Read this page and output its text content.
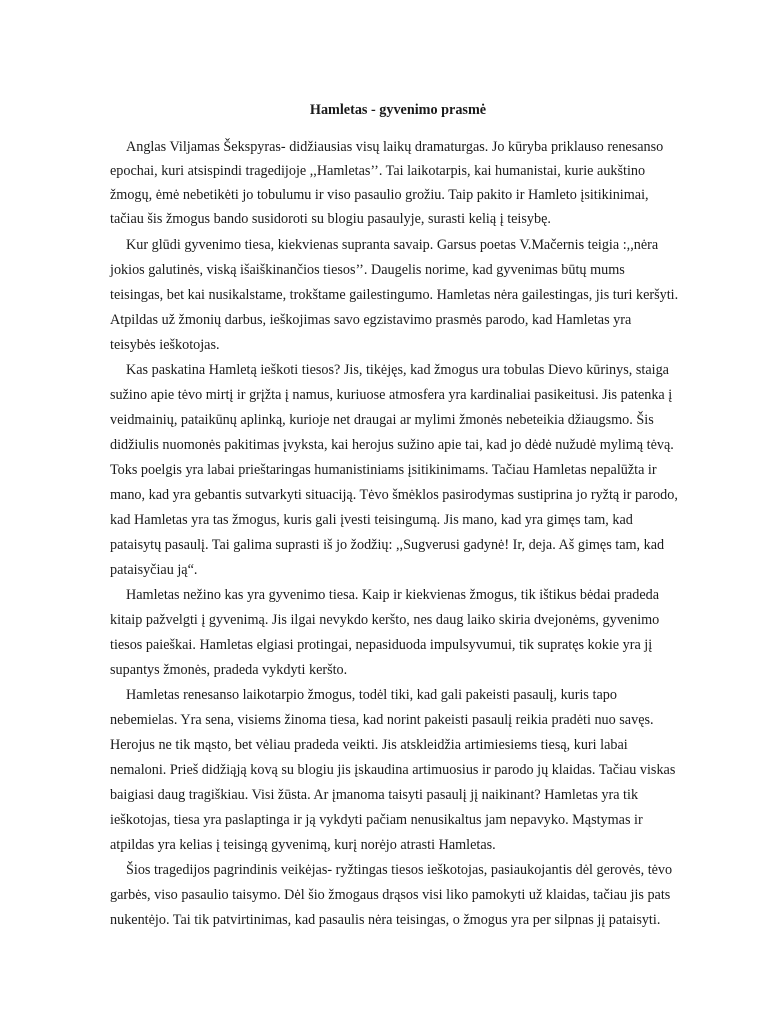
Hamletas - gyvenimo prasmė

Anglas Viljamas Šekspyras- didžiausias visų laikų dramaturgas. Jo kūryba priklauso renesanso

epochai, kuri atsispindi tragedijoje ,,Hamletas’’. Tai laikotarpis, kai humanistai, kurie aukštino

žmogų, ėmė nebetikėti jo tobulumu ir viso pasaulio grožiu. Taip pakito ir Hamleto įsitikinimai,

tačiau šis žmogus bando susidoroti su blogiu pasaulyje, surasti kelią į teisybę.

Kur glūdi gyvenimo tiesa, kiekvienas supranta savaip. Garsus poetas V.Mačernis teigia :,,nėra

jokios galutinės, viską išaiškinančios tiesos’’. Daugelis norime, kad gyvenimas būtų mums

teisingas, bet kai nusikalstame, trokštame gailestingumo. Hamletas nėra gailestingas, jis turi keršyti.

Atpildas už žmonių darbus, ieškojimas savo egzistavimo prasmės parodo, kad Hamletas yra

teisybės ieškotojas.

Kas paskatina Hamletą ieškoti tiesos? Jis, tikėjęs, kad žmogus ura tobulas Dievo kūrinys, staiga

sužino apie tėvo mirtį ir grįžta į namus, kuriuose atmosfera yra kardinaliai pasikeitusi. Jis patenka į

veidmainių, pataikūnų aplinką, kurioje net draugai ar mylimi žmonės nebeteikia džiaugsmo. Šis

didžiulis nuomonės pakitimas įvyksta, kai herojus sužino apie tai, kad jo dėdė nužudė mylimą tėvą.

Toks poelgis yra labai prieštaringas humanistiniams įsitikinimams. Tačiau Hamletas nepalūžta ir

mano, kad yra gebantis sutvarkyti situaciją. Tėvo šmėklos pasirodymas sustiprina jo ryžtą ir parodo,

kad Hamletas yra tas žmogus, kuris gali įvesti teisingumą. Jis mano, kad yra gimęs tam, kad

pataisytų pasaulį. Tai galima suprasti iš jo žodžių: ,,Sugverusi gadynė! Ir, deja. Aš gimęs tam, kad

pataisyčiau ją“.

Hamletas nežino kas yra gyvenimo tiesa. Kaip ir kiekvienas žmogus, tik ištikus bėdai pradeda

kitaip pažvelgti į gyvenimą. Jis ilgai nevykdo keršto, nes daug laiko skiria dvejonėms, gyvenimo

tiesos paieškai. Hamletas elgiasi protingai, nepasiduoda impulsyvumui, tik supratęs kokie yra jį

supantys žmonės, pradeda vykdyti keršto.

Hamletas renesanso laikotarpio žmogus, todėl tiki, kad gali pakeisti pasaulį, kuris tapo

nebemielas. Yra sena, visiems žinoma tiesa, kad norint pakeisti pasaulį reikia pradėti nuo savęs.

Herojus ne tik mąsto, bet vėliau pradeda veikti. Jis atskleidžia artimiesiems tiesą, kuri labai

nemaloni. Prieš didžiąją kovą su blogiu jis įskaudina artimuosius ir parodo jų klaidas. Tačiau viskas

baigiasi daug tragiškiau. Visi žūsta. Ar įmanoma taisyti pasaulį jį naikinant? Hamletas yra tik

ieškotojas, tiesa yra paslaptinga ir ją vykdyti pačiam nenusikaltus jam nepavyko. Mąstymas ir

atpildas yra kelias į teisingą gyvenimą, kurį norėjo atrasti Hamletas.

Šios tragedijos pagrindinis veikėjas- ryžtingas tiesos ieškotojas, pasiaukojantis dėl gerovės, tėvo

garbės, viso pasaulio taisymo. Dėl šio žmogaus drąsos visi liko pamokyti už klaidas, tačiau jis pats

nukentėjo. Tai tik patvirtinimas, kad pasaulis nėra teisingas, o žmogus yra per silpnas jį pataisyti.
